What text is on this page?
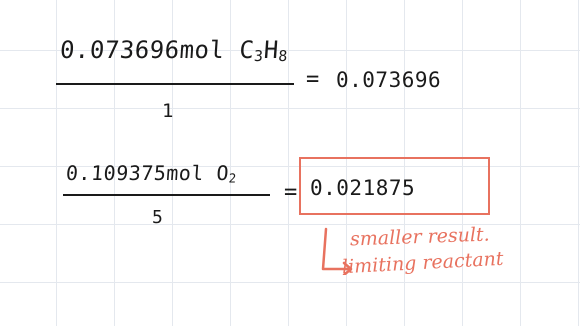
0.073696mol $C_3H_8$
1
= 0.073696
0.109375mol $O_2$
5
= 0.021875
smaller result.
limiting reactant
